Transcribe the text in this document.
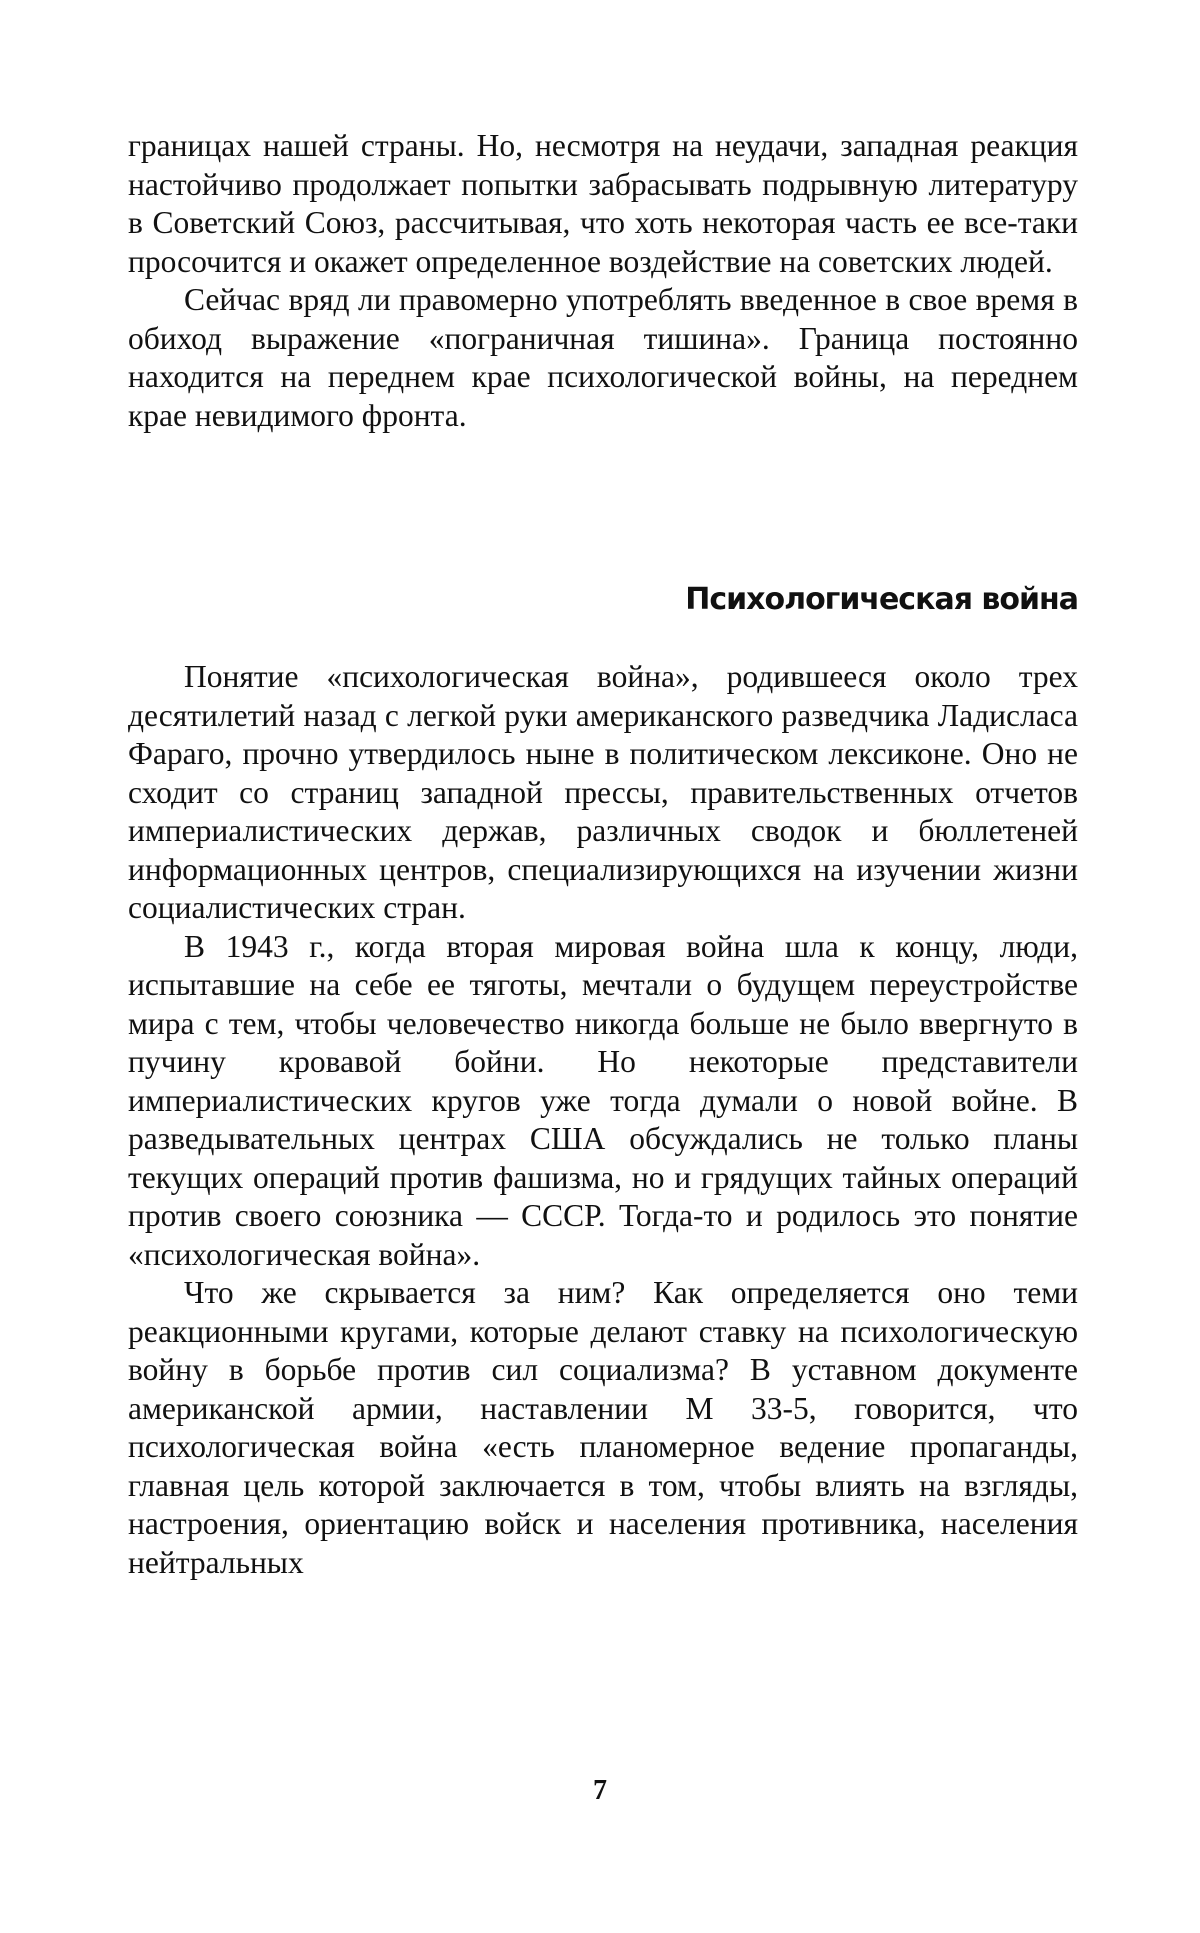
границах нашей страны. Но, несмотря на неудачи, западная реакция настойчиво продолжает попытки забрасывать подрывную литературу в Советский Союз, рассчитывая, что хоть некоторая часть ее все-таки просочится и окажет определенное воздействие на советских людей.

Сейчас вряд ли правомерно употреблять введенное в свое время в обиход выражение «пограничная тишина». Граница постоянно находится на переднем крае психологической войны, на переднем крае невидимого фронта.

Психологическая война

Понятие «психологическая война», родившееся около трех десятилетий назад с легкой руки американского разведчика Ладисласа Фараго, прочно утвердилось ныне в политическом лексиконе. Оно не сходит со страниц западной прессы, правительственных отчетов империалистических держав, различных сводок и бюллетеней информационных центров, специализирующихся на изучении жизни социалистических стран.

В 1943 г., когда вторая мировая война шла к концу, люди, испытавшие на себе ее тяготы, мечтали о будущем переустройстве мира с тем, чтобы человечество никогда больше не было ввергнуто в пучину кровавой бойни. Но некоторые представители империалистических кругов уже тогда думали о новой войне. В разведывательных центрах США обсуждались не только планы текущих операций против фашизма, но и грядущих тайных операций против своего союзника — СССР. Тогда-то и родилось это понятие «психологическая война».

Что же скрывается за ним? Как определяется оно теми реакционными кругами, которые делают ставку на психологическую войну в борьбе против сил социализма? В уставном документе американской армии, наставлении М 33-5, говорится, что психологическая война «есть планомерное ведение пропаганды, главная цель которой заключается в том, чтобы влиять на взгляды, настроения, ориентацию войск и населения противника, населения нейтральных

7
